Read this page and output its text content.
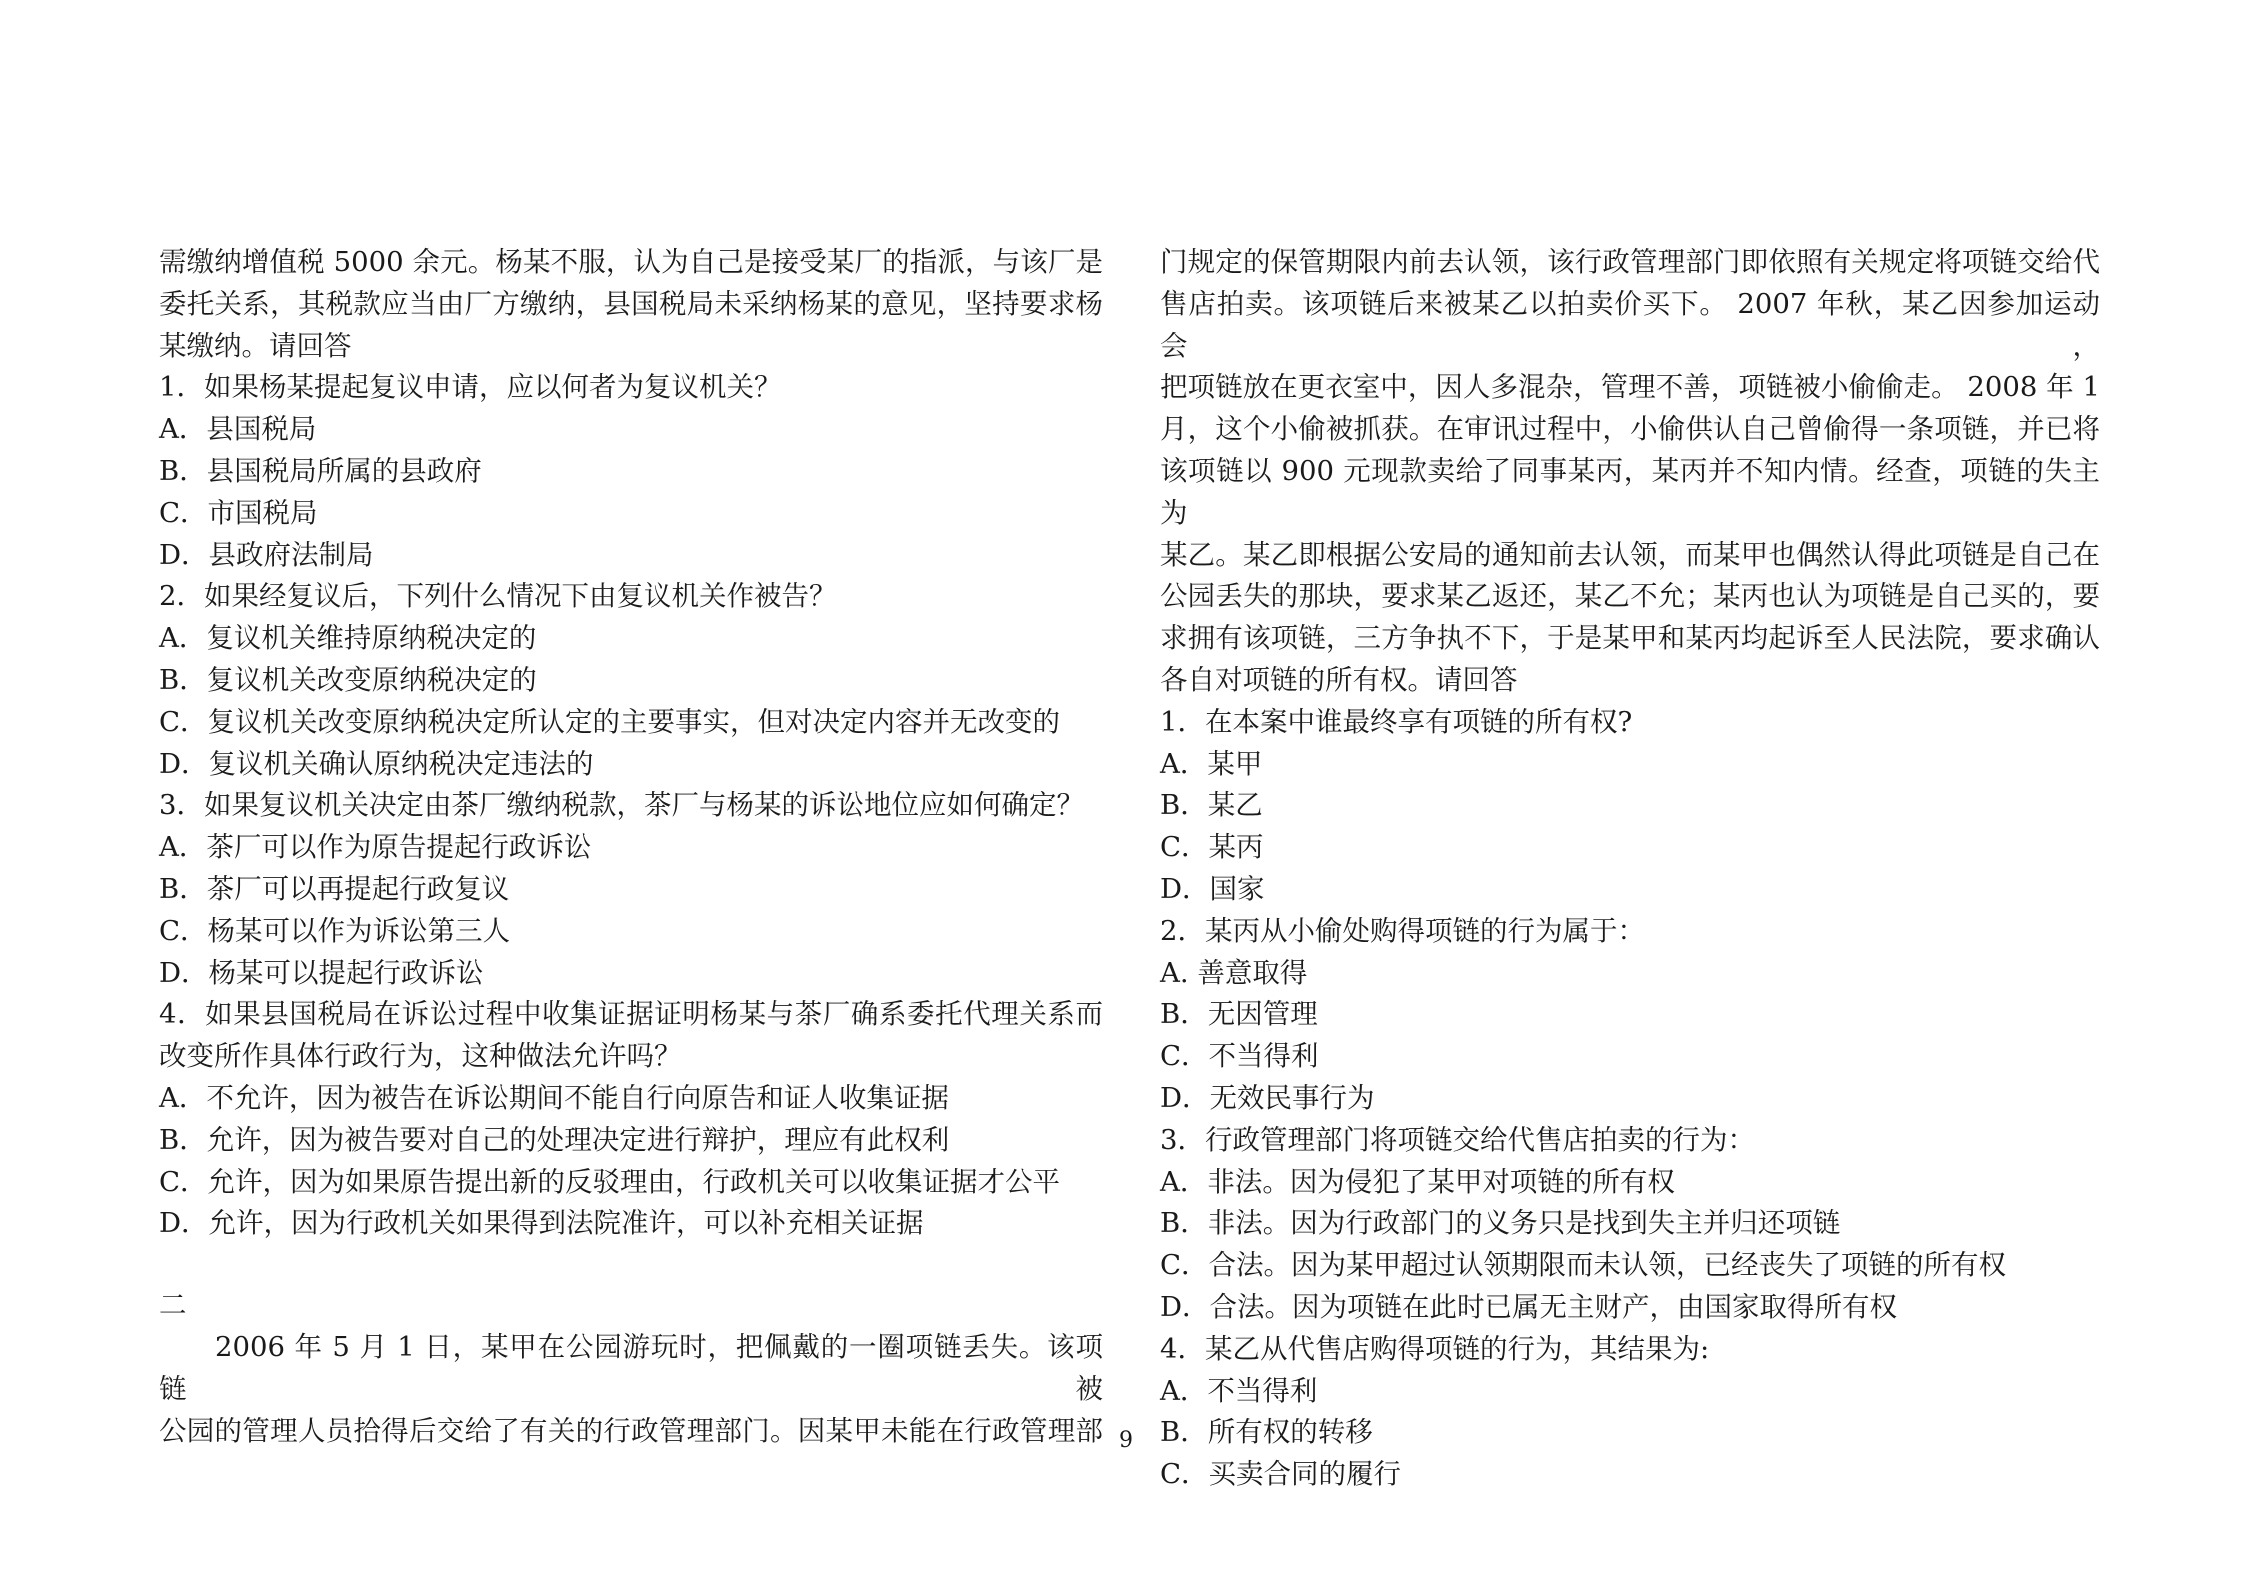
需缴纳增值税 5000 余元。杨某不服，认为自己是接受某厂的指派，与该厂是
委托关系，其税款应当由厂方缴纳，县国税局未采纳杨某的意见，坚持要求杨
某缴纳。请回答
1．如果杨某提起复议申请，应以何者为复议机关？
A．县国税局
B．县国税局所属的县政府
C．市国税局
D．县政府法制局
2．如果经复议后，下列什么情况下由复议机关作被告？
A．复议机关维持原纳税决定的
B．复议机关改变原纳税决定的
C．复议机关改变原纳税决定所认定的主要事实，但对决定内容并无改变的
D．复议机关确认原纳税决定违法的
3．如果复议机关决定由茶厂缴纳税款，茶厂与杨某的诉讼地位应如何确定？
A．茶厂可以作为原告提起行政诉讼
B．茶厂可以再提起行政复议
C．杨某可以作为诉讼第三人
D．杨某可以提起行政诉讼
4．如果县国税局在诉讼过程中收集证据证明杨某与茶厂确系委托代理关系而
改变所作具体行政行为，这种做法允许吗？
A．不允许，因为被告在诉讼期间不能自行向原告和证人收集证据
B．允许，因为被告要对自己的处理决定进行辩护，理应有此权利
C．允许，因为如果原告提出新的反驳理由，行政机关可以收集证据才公平
D．允许，因为行政机关如果得到法院准许，可以补充相关证据
二
2006 年 5 月 1 日，某甲在公园游玩时，把佩戴的一圈项链丢失。该项链被
公园的管理人员拾得后交给了有关的行政管理部门。因某甲未能在行政管理部
门规定的保管期限内前去认领，该行政管理部门即依照有关规定将项链交给代
售店拍卖。该项链后来被某乙以拍卖价买下。 2007 年秋，某乙因参加运动会，
把项链放在更衣室中，因人多混杂，管理不善，项链被小偷偷走。 2008 年 1
月，这个小偷被抓获。在审讯过程中，小偷供认自己曾偷得一条项链，并已将
该项链以 900 元现款卖给了同事某丙，某丙并不知内情。经查，项链的失主为
某乙。某乙即根据公安局的通知前去认领，而某甲也偶然认得此项链是自己在
公园丢失的那块，要求某乙返还，某乙不允；某丙也认为项链是自己买的，要
求拥有该项链，三方争执不下，于是某甲和某丙均起诉至人民法院，要求确认
各自对项链的所有权。请回答
1．在本案中谁最终享有项链的所有权?
A．某甲
B．某乙
C．某丙
D．国家
2．某丙从小偷处购得项链的行为属于：
A. 善意取得
B．无因管理
C．不当得利
D．无效民事行为
3．行政管理部门将项链交给代售店拍卖的行为：
A．非法。因为侵犯了某甲对项链的所有权
B．非法。因为行政部门的义务只是找到失主并归还项链
C．合法。因为某甲超过认领期限而未认领，已经丧失了项链的所有权
D．合法。因为项链在此时已属无主财产，由国家取得所有权
4．某乙从代售店购得项链的行为，其结果为:
A．不当得利
B．所有权的转移
C．买卖合同的履行
9
